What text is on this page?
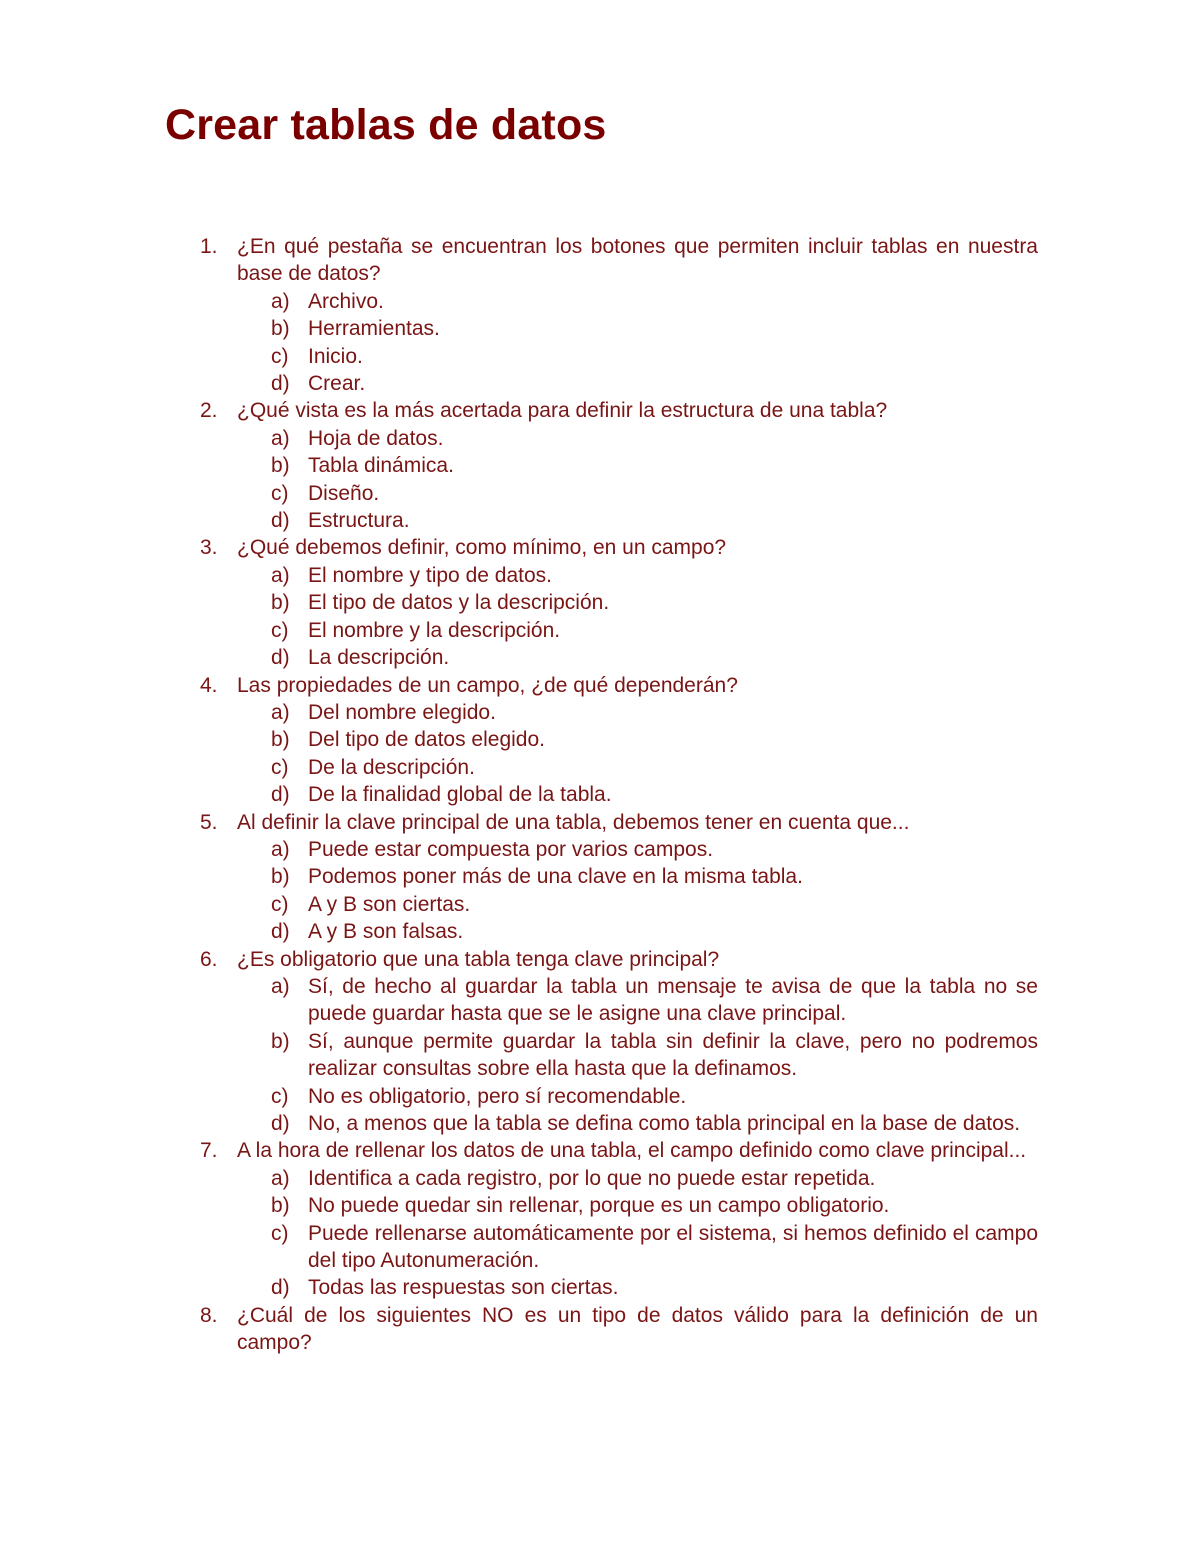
Crear tablas de datos
1. ¿En qué pestaña se encuentran los botones que permiten incluir tablas en nuestra base de datos?
a) Archivo.
b) Herramientas.
c) Inicio.
d) Crear.
2. ¿Qué vista es la más acertada para definir la estructura de una tabla?
a) Hoja de datos.
b) Tabla dinámica.
c) Diseño.
d) Estructura.
3. ¿Qué debemos definir, como mínimo, en un campo?
a) El nombre y tipo de datos.
b) El tipo de datos y la descripción.
c) El nombre y la descripción.
d) La descripción.
4. Las propiedades de un campo, ¿de qué dependerán?
a) Del nombre elegido.
b) Del tipo de datos elegido.
c) De la descripción.
d) De la finalidad global de la tabla.
5. Al definir la clave principal de una tabla, debemos tener en cuenta que...
a) Puede estar compuesta por varios campos.
b) Podemos poner más de una clave en la misma tabla.
c) A y B son ciertas.
d) A y B son falsas.
6. ¿Es obligatorio que una tabla tenga clave principal?
a) Sí, de hecho al guardar la tabla un mensaje te avisa de que la tabla no se puede guardar hasta que se le asigne una clave principal.
b) Sí, aunque permite guardar la tabla sin definir la clave, pero no podremos realizar consultas sobre ella hasta que la definamos.
c) No es obligatorio, pero sí recomendable.
d) No, a menos que la tabla se defina como tabla principal en la base de datos.
7. A la hora de rellenar los datos de una tabla, el campo definido como clave principal...
a) Identifica a cada registro, por lo que no puede estar repetida.
b) No puede quedar sin rellenar, porque es un campo obligatorio.
c) Puede rellenarse automáticamente por el sistema, si hemos definido el campo del tipo Autonumeración.
d) Todas las respuestas son ciertas.
8. ¿Cuál de los siguientes NO es un tipo de datos válido para la definición de un campo?
